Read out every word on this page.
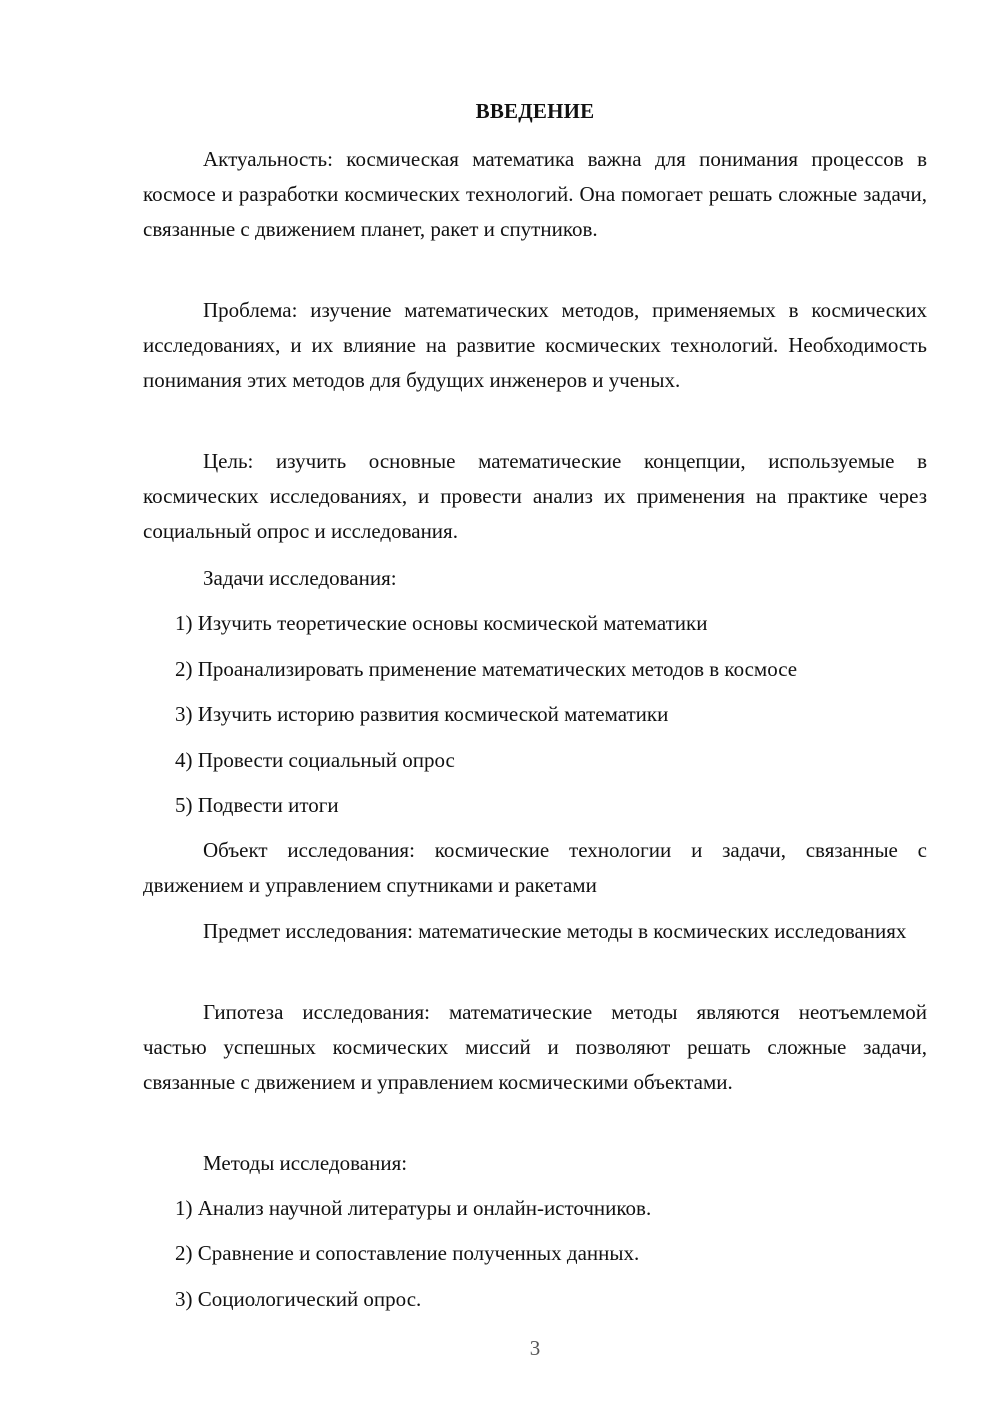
ВВЕДЕНИЕ

Актуальность: космическая математика важна для понимания процессов в космосе и разработки космических технологий. Она помогает решать сложные задачи, связанные с движением планет, ракет и спутников.

Проблема: изучение математических методов, применяемых в космических исследованиях, и их влияние на развитие космических технологий. Необходимость понимания этих методов для будущих инженеров и ученых.

Цель: изучить основные математические концепции, используемые в космических исследованиях, и провести анализ их применения на практике через социальный опрос и исследования.

Задачи исследования:
1) Изучить теоретические основы космической математики
2) Проанализировать применение математических методов в космосе
3) Изучить историю развития космической математики
4) Провести социальный опрос
5) Подвести итоги

Объект исследования: космические технологии и задачи, связанные с движением и управлением спутниками и ракетами

Предмет исследования: математические методы в космических исследованиях

Гипотеза исследования: математические методы являются неотъемлемой частью успешных космических миссий и позволяют решать сложные задачи, связанные с движением и управлением космическими объектами.

Методы исследования:
1) Анализ научной литературы и онлайн-источников.
2) Сравнение и сопоставление полученных данных.
3) Социологический опрос.
3
